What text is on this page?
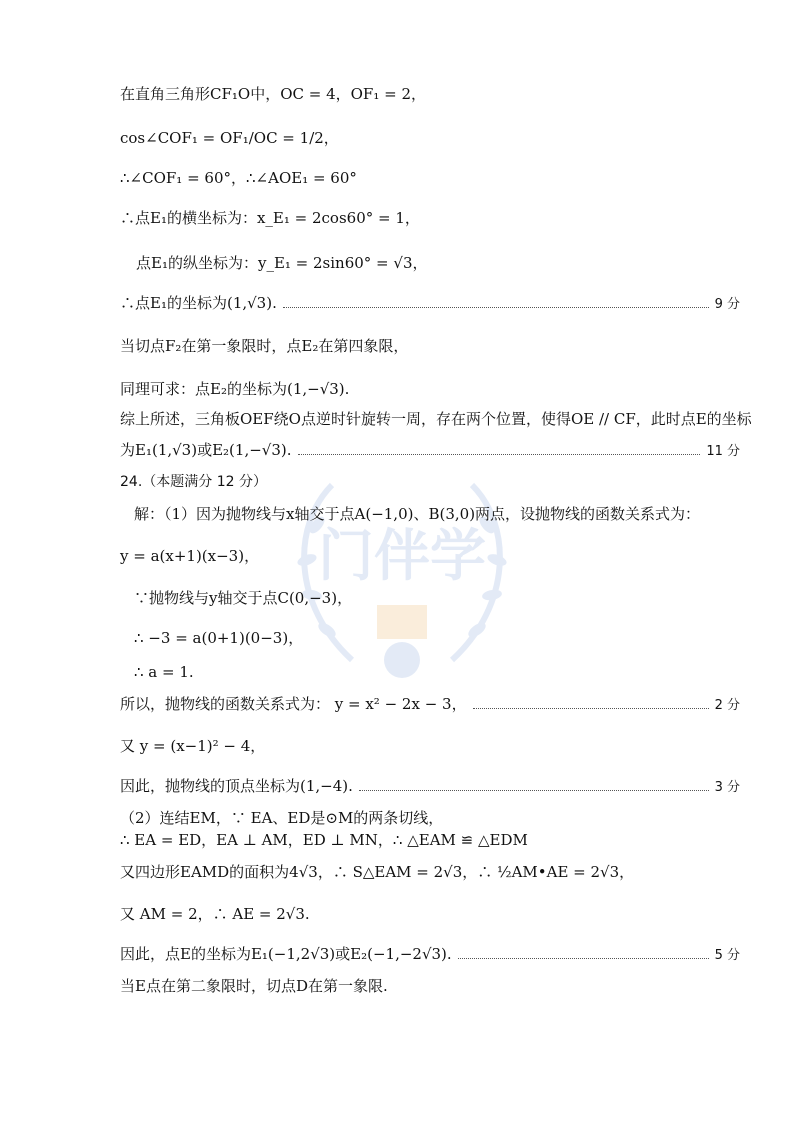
门伴学
在直角三角形CF₁O中，OC = 4，OF₁ = 2，
cos∠COF₁ = OF₁/OC = 1/2，
∴∠COF₁ = 60°，∴∠AOE₁ = 60°
∴点E₁的横坐标为：x_E₁ = 2cos60° = 1，
点E₁的纵坐标为：y_E₁ = 2sin60° = √3，
∴点E₁的坐标为(1,√3).	9 分
当切点F₂在第一象限时，点E₂在第四象限，
同理可求：点E₂的坐标为(1,−√3).
综上所述，三角板OEF绕O点逆时针旋转一周，存在两个位置，使得OE // CF，此时点E的坐标
为E₁(1,√3)或E₂(1,−√3).	11 分
24.（本题满分 12 分）
解：（1）因为抛物线与x轴交于点A(−1,0)、B(3,0)两点，设抛物线的函数关系式为：
y = a(x+1)(x−3)，
∵抛物线与y轴交于点C(0,−3)，
∴ −3 = a(0+1)(0−3)，
∴ a = 1.
所以，抛物线的函数关系式为： y = x² − 2x − 3，	2 分
又 y = (x−1)² − 4，
因此，抛物线的顶点坐标为(1,−4).	3 分
（2）连结EM，∵ EA、ED是⊙M的两条切线，
∴ EA = ED，EA ⊥ AM，ED ⊥ MN，∴ △EAM ≌ △EDM
又四边形EAMD的面积为4√3，∴ S△EAM = 2√3，∴ ½AM•AE = 2√3，
又 AM = 2，∴ AE = 2√3.
因此，点E的坐标为E₁(−1,2√3)或E₂(−1,−2√3).	5 分
当E点在第二象限时，切点D在第一象限.
